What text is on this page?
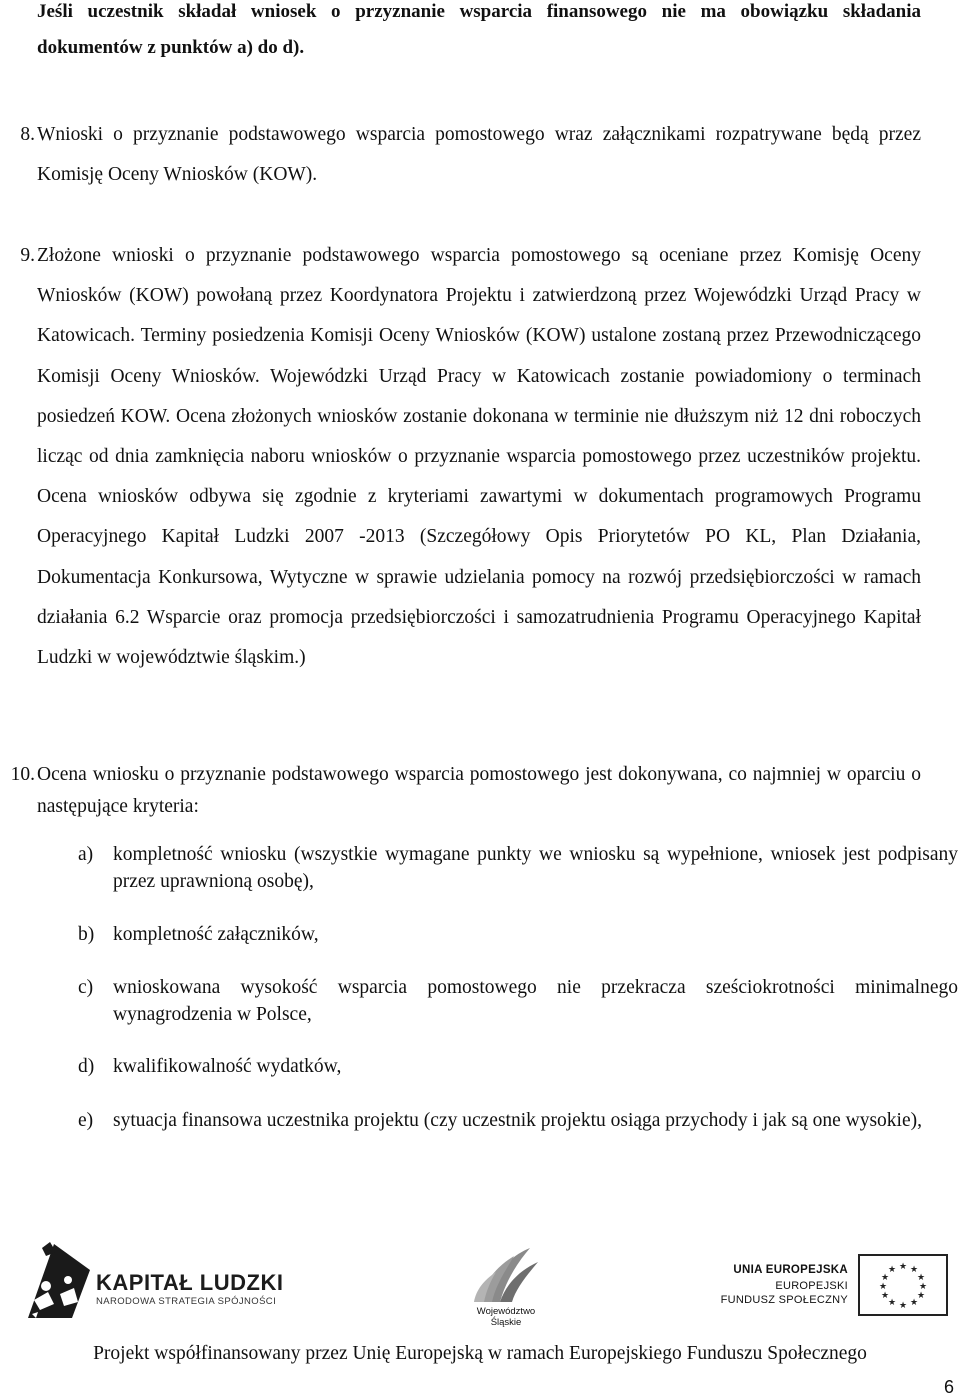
Jeśli uczestnik składał wniosek o przyznanie wsparcia finansowego nie ma obowiązku składania dokumentów z punktów a) do d).
8. Wnioski o przyznanie podstawowego wsparcia pomostowego wraz załącznikami rozpatrywane będą przez Komisję Oceny Wniosków (KOW).
9. Złożone wnioski o przyznanie podstawowego wsparcia pomostowego są oceniane przez Komisję Oceny Wniosków (KOW) powołaną przez Koordynatora Projektu i zatwierdzoną przez Wojewódzki Urząd Pracy w Katowicach. Terminy posiedzenia Komisji Oceny Wniosków (KOW) ustalone zostaną przez Przewodniczącego Komisji Oceny Wniosków. Wojewódzki Urząd Pracy w Katowicach zostanie powiadomiony o terminach posiedzeń KOW. Ocena złożonych wniosków zostanie dokonana w terminie nie dłuższym niż 12 dni roboczych licząc od dnia zamknięcia naboru wniosków o przyznanie wsparcia pomostowego przez uczestników projektu. Ocena wniosków odbywa się zgodnie z kryteriami zawartymi w dokumentach programowych Programu Operacyjnego Kapitał Ludzki 2007 -2013 (Szczegółowy Opis Priorytetów PO KL, Plan Działania, Dokumentacja Konkursowa, Wytyczne w sprawie udzielania pomocy na rozwój przedsiębiorczości w ramach działania 6.2 Wsparcie oraz promocja przedsiębiorczości i samozatrudnienia Programu Operacyjnego Kapitał Ludzki w województwie śląskim.)
10. Ocena wniosku o przyznanie podstawowego wsparcia pomostowego jest dokonywana, co najmniej w oparciu o następujące kryteria:
a)	kompletność wniosku (wszystkie wymagane punkty we wniosku są wypełnione, wniosek jest podpisany przez uprawnioną osobę),
b) kompletność załączników,
c)	wnioskowana wysokość wsparcia pomostowego nie przekracza sześciokrotności minimalnego wynagrodzenia w Polsce,
d) kwalifikowalność wydatków,
e)	sytuacja finansowa uczestnika projektu (czy uczestnik projektu osiąga przychody i jak są one wysokie),
KAPITAŁ LUDZKI
NARODOWA STRATEGIA SPÓJNOŚCI
Województwo
Śląskie
UNIA EUROPEJSKA
EUROPEJSKI
FUNDUSZ SPOŁECZNY
★ ★
★
★
★
★
★
★
★
★
★
★
Projekt współfinansowany przez Unię Europejską w ramach Europejskiego Funduszu Społecznego
6
